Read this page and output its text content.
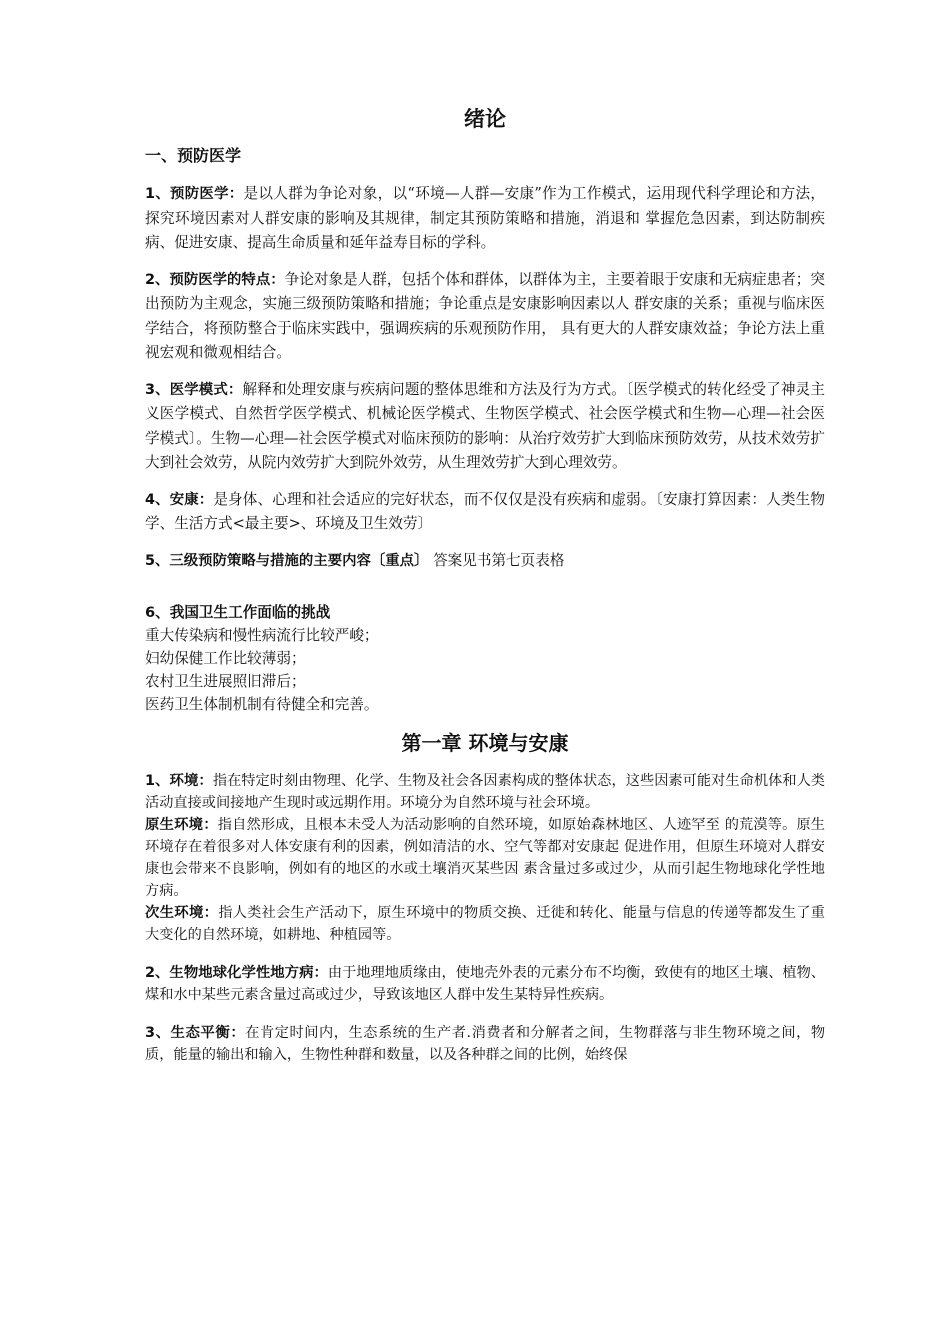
绪论
一、预防医学

1、预防医学：是以人群为争论对象，以“环境—人群—安康”作为工作模式，运用现代科学理论和方法，探究环境因素对人群安康的影响及其规律，制定其预防策略和措施，消退和 掌握危急因素，到达防制疾病、促进安康、提高生命质量和延年益寿目标的学科。

2、预防医学的特点：争论对象是人群，包括个体和群体，以群体为主，主要着眼于安康和无病症患者；突出预防为主观念，实施三级预防策略和措施；争论重点是安康影响因素以人 群安康的关系；重视与临床医学结合，将预防整合于临床实践中，强调疾病的乐观预防作用， 具有更大的人群安康效益；争论方法上重视宏观和微观相结合。

3、医学模式：解释和处理安康与疾病问题的整体思维和方法及行为方式。〔医学模式的转化经受了神灵主义医学模式、自然哲学医学模式、机械论医学模式、生物医学模式、社会医学模式和生物—心理—社会医学模式〕。生物—心理—社会医学模式对临床预防的影响：从治疗效劳扩大到临床预防效劳，从技术效劳扩大到社会效劳，从院内效劳扩大到院外效劳，从生理效劳扩大到心理效劳。

4、安康：是身体、心理和社会适应的完好状态，而不仅仅是没有疾病和虚弱。〔安康打算因素：人类生物学、生活方式<最主要>、环境及卫生效劳〕

5、三级预防策略与措施的主要内容〔重点〕 答案见书第七页表格

6、我国卫生工作面临的挑战
重大传染病和慢性病流行比较严峻；
妇幼保健工作比较薄弱；
农村卫生进展照旧滞后；
医药卫生体制机制有待健全和完善。
第一章 环境与安康

1、环境：指在特定时刻由物理、化学、生物及社会各因素构成的整体状态，这些因素可能对生命机体和人类活动直接或间接地产生现时或远期作用。环境分为自然环境与社会环境。

原生环境：指自然形成，且根本未受人为活动影响的自然环境，如原始森林地区、人迹罕至 的荒漠等。原生环境存在着很多对人体安康有利的因素，例如清洁的水、空气等都对安康起 促进作用，但原生环境对人群安康也会带来不良影响，例如有的地区的水或土壤消灭某些因 素含量过多或过少，从而引起生物地球化学性地方病。

次生环境：指人类社会生产活动下，原生环境中的物质交换、迁徙和转化、能量与信息的传递等都发生了重大变化的自然环境，如耕地、种植园等。

2、生物地球化学性地方病：由于地理地质缘由，使地壳外表的元素分布不均衡，致使有的地区土壤、植物、煤和水中某些元素含量过高或过少，导致该地区人群中发生某特异性疾病。

3、生态平衡：在肯定时间内，生态系统的生产者.消费者和分解者之间，生物群落与非生物环境之间，物质，能量的输出和输入，生物性种群和数量，以及各种群之间的比例，始终保
